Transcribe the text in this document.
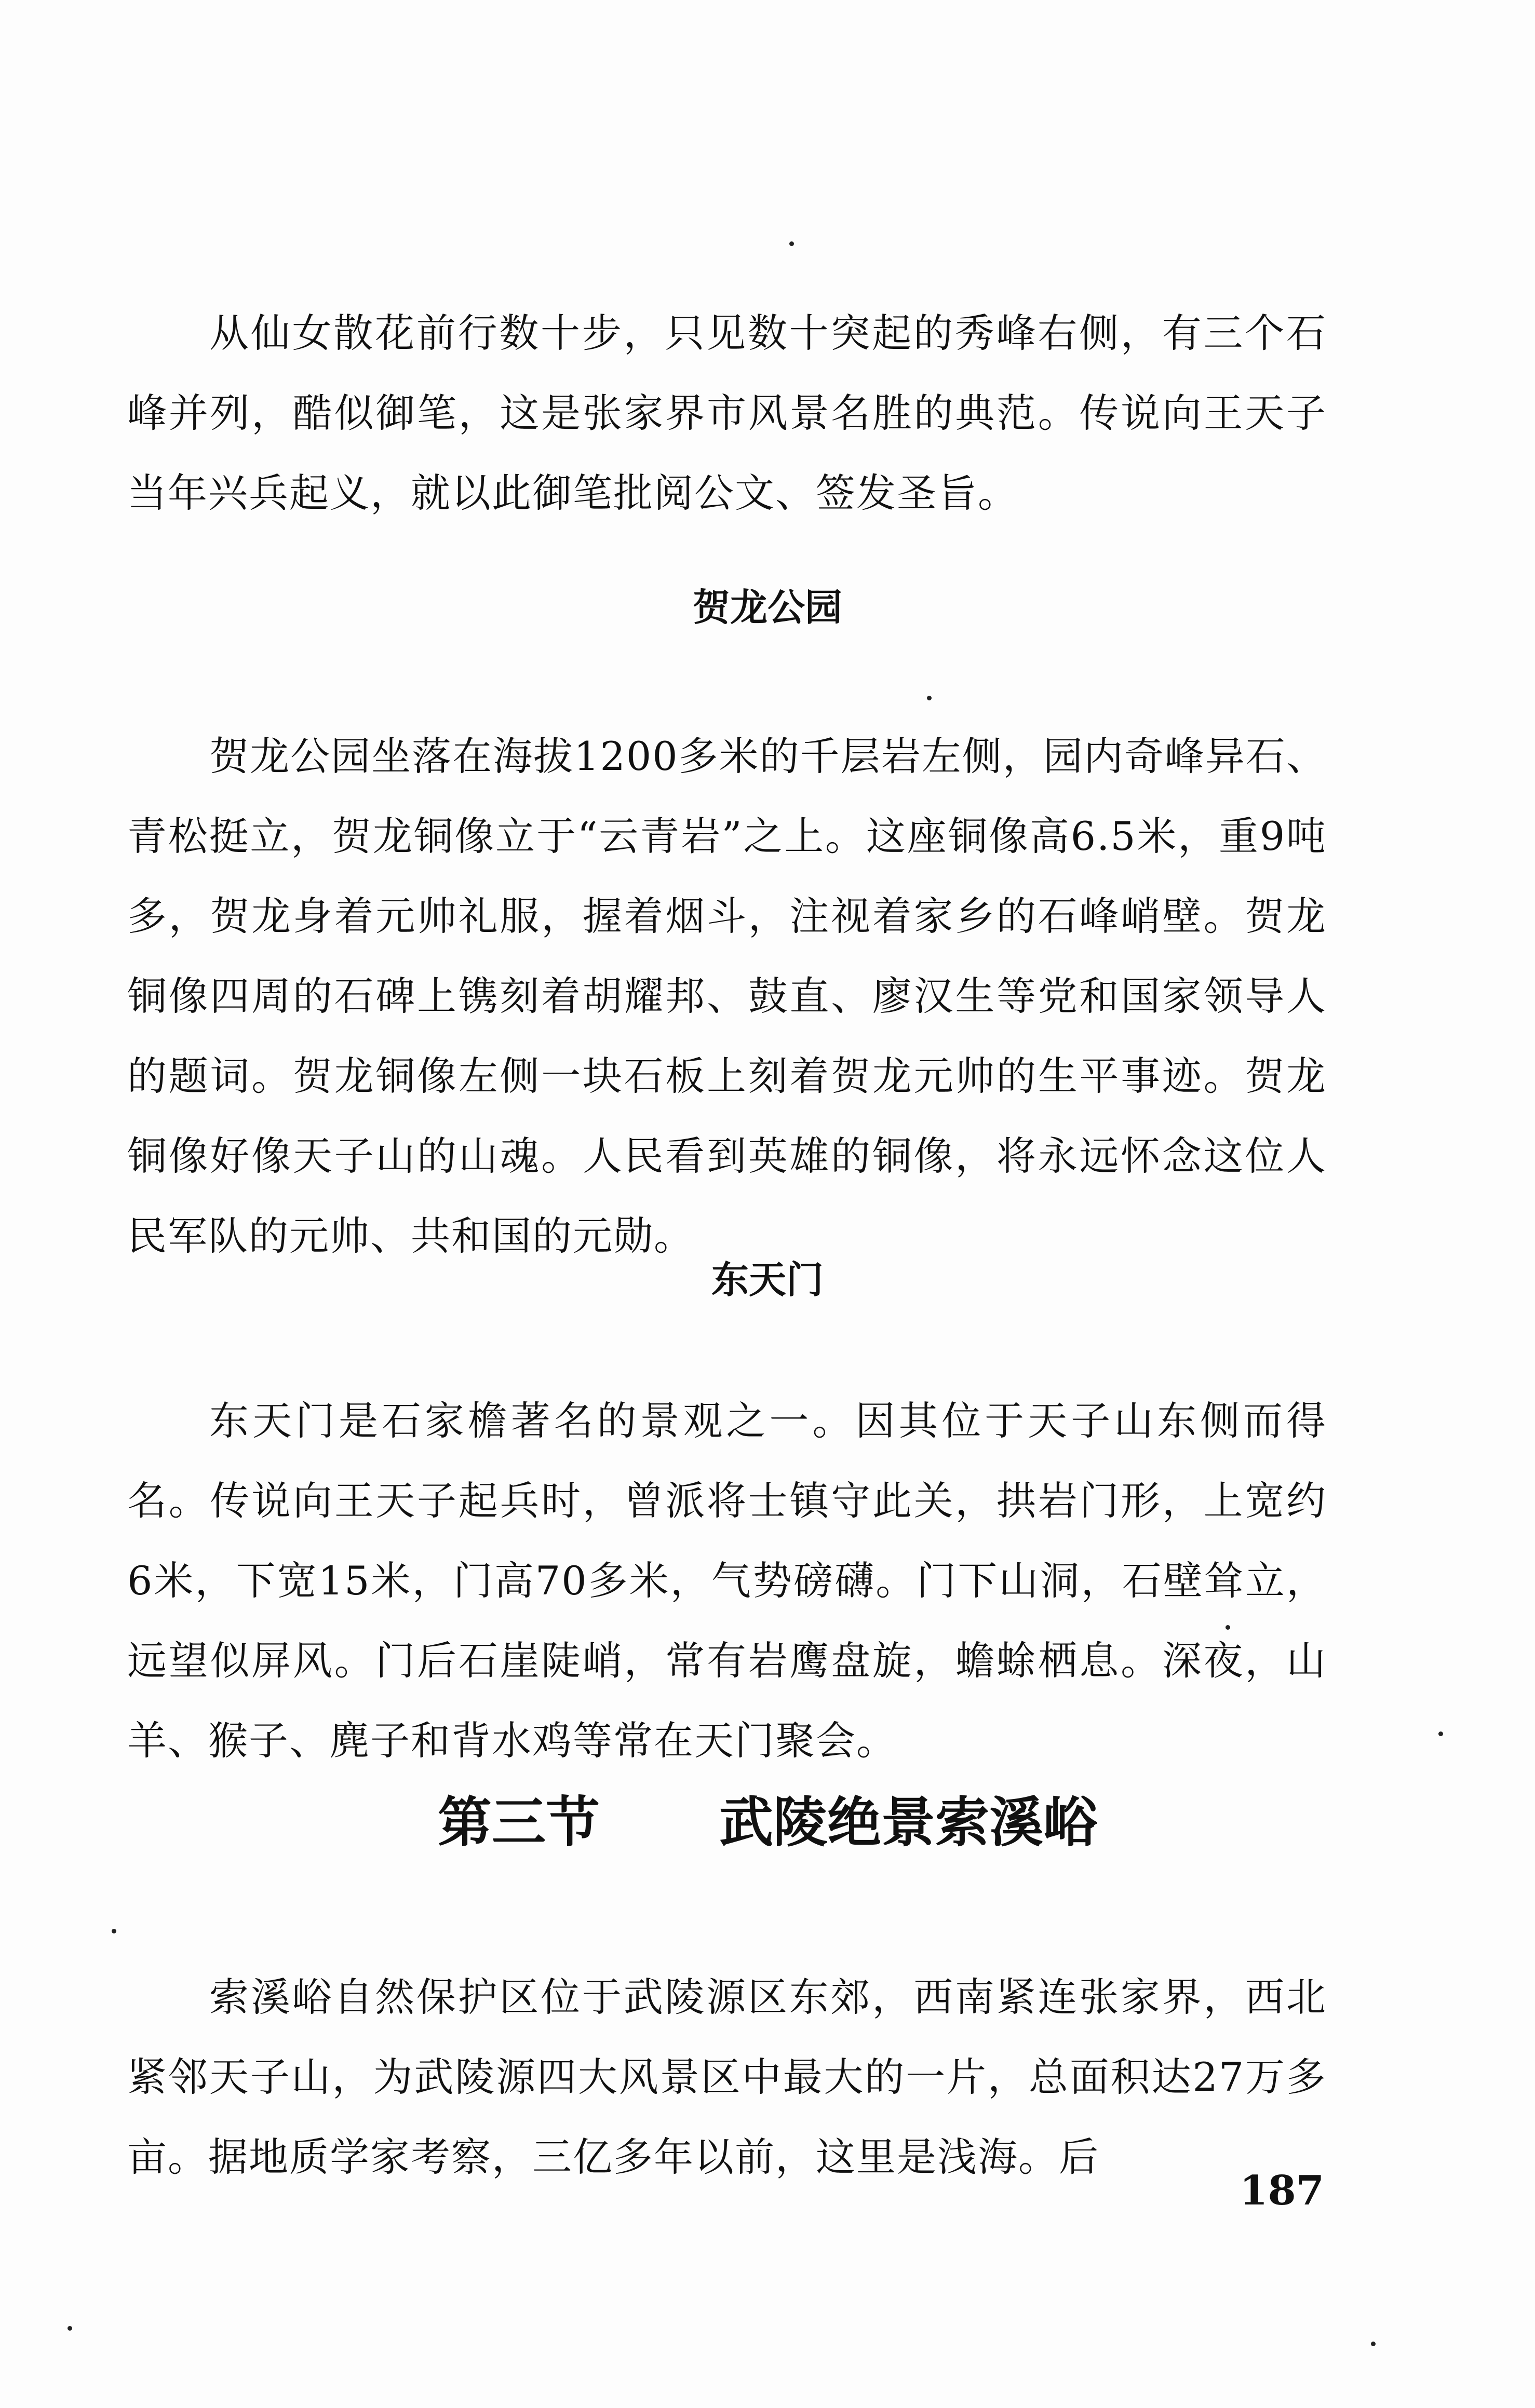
从仙女散花前行数十步，只见数十突起的秀峰右侧，有三个石峰并列，酷似御笔，这是张家界市风景名胜的典范。传说向王天子当年兴兵起义，就以此御笔批阅公文、签发圣旨。

贺龙公园

贺龙公园坐落在海拔1200多米的千层岩左侧，园内奇峰异石、青松挺立，贺龙铜像立于“云青岩”之上。这座铜像高6.5米，重9吨多，贺龙身着元帅礼服，握着烟斗，注视着家乡的石峰峭壁。贺龙铜像四周的石碑上镌刻着胡耀邦、鼓直、廖汉生等党和国家领导人的题词。贺龙铜像左侧一块石板上刻着贺龙元帅的生平事迹。贺龙铜像好像天子山的山魂。人民看到英雄的铜像，将永远怀念这位人民军队的元帅、共和国的元勋。

东天门

东天门是石家檐著名的景观之一。因其位于天子山东侧而得名。传说向王天子起兵时，曾派将士镇守此关，拱岩门形，上宽约6米，下宽15米，门高70多米，气势磅礴。门下山洞，石壁耸立，远望似屏风。门后石崖陡峭，常有岩鹰盘旋，蟾蜍栖息。深夜，山羊、猴子、麂子和背水鸡等常在天门聚会。

第三节 武陵绝景索溪峪

索溪峪自然保护区位于武陵源区东郊，西南紧连张家界，西北紧邻天子山，为武陵源四大风景区中最大的一片，总面积达27万多亩。据地质学家考察，三亿多年以前，这里是浅海。后

187
